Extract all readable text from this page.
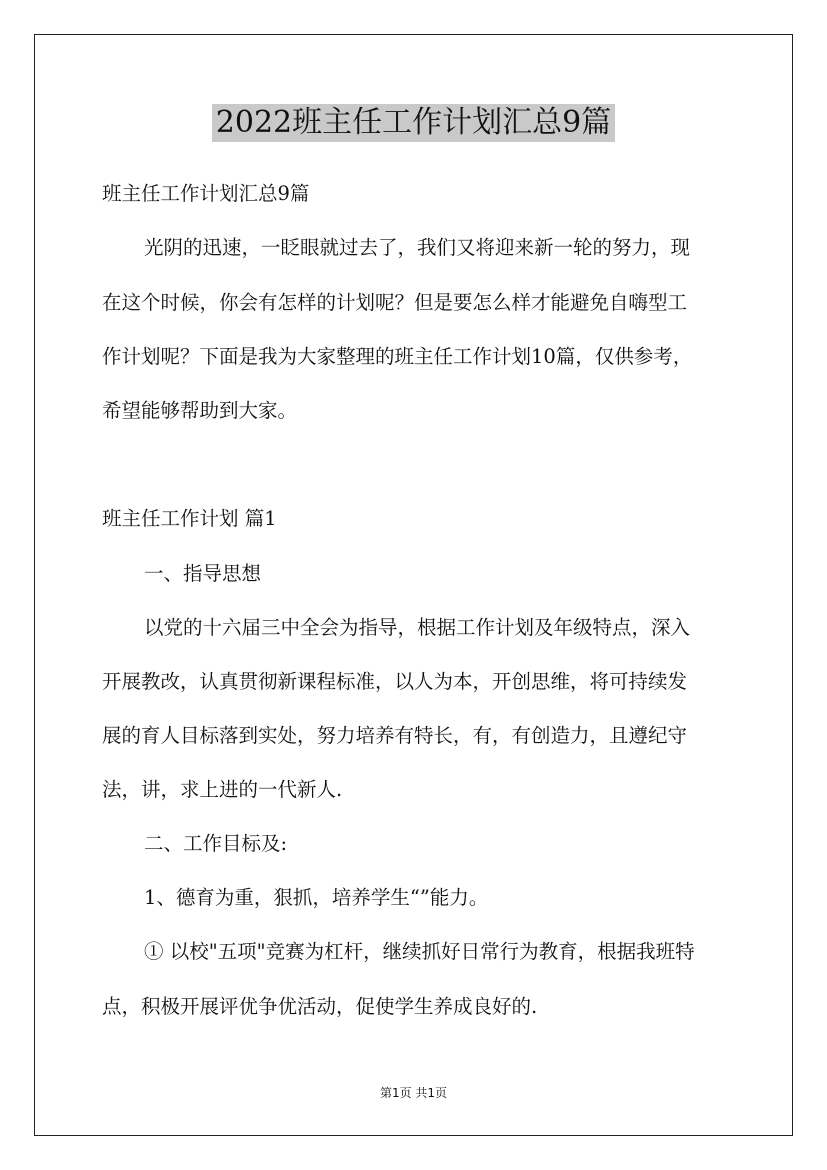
2022班主任工作计划汇总9篇
班主任工作计划汇总9篇
光阴的迅速，一眨眼就过去了，我们又将迎来新一轮的努力，现
在这个时候，你会有怎样的计划呢？但是要怎么样才能避免自嗨型工
作计划呢？下面是我为大家整理的班主任工作计划10篇，仅供参考，
希望能够帮助到大家。
班主任工作计划 篇1
一、指导思想
以党的十六届三中全会为指导，根据工作计划及年级特点，深入
开展教改，认真贯彻新课程标准，以人为本，开创思维，将可持续发
展的育人目标落到实处，努力培养有特长，有，有创造力，且遵纪守
法，讲，求上进的一代新人.
二、工作目标及:
1、德育为重，狠抓，培养学生“”能力。
① 以校"五项"竞赛为杠杆，继续抓好日常行为教育，根据我班特
点，积极开展评优争优活动，促使学生养成良好的.
第1页 共1页
